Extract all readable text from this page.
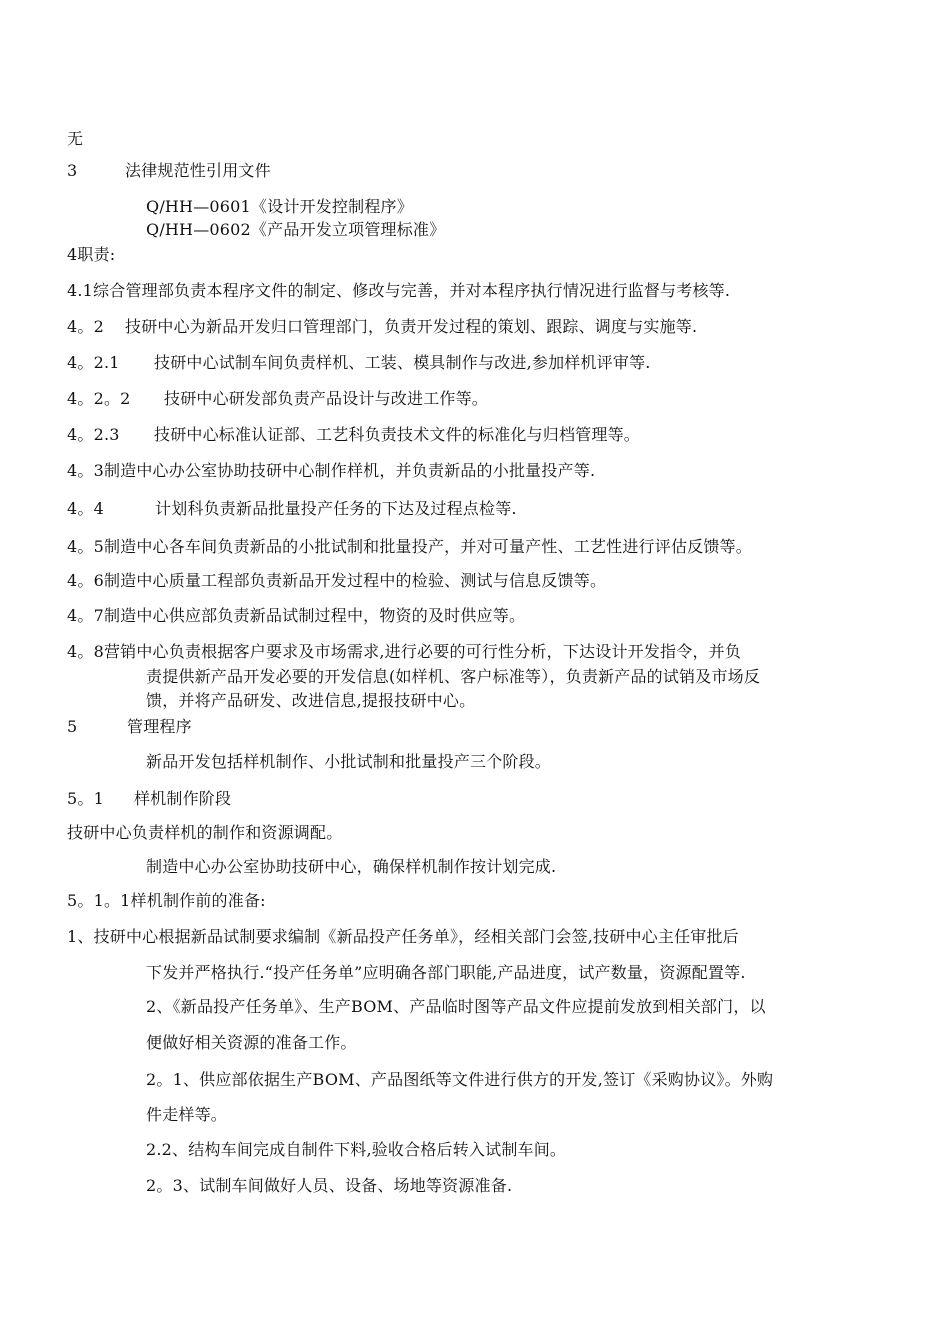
无
3	法律规范性引用文件
Q/HH—0601《设计开发控制程序》
Q/HH—0602《产品开发立项管理标准》
4职责:
4.1综合管理部负责本程序文件的制定、修改与完善，并对本程序执行情况进行监督与考核等.
4。2 技研中心为新品开发归口管理部门，负责开发过程的策划、跟踪、调度与实施等.
4。2.1 技研中心试制车间负责样机、工装、模具制作与改进,参加样机评审等.
4。2。2 技研中心研发部负责产品设计与改进工作等。
4。2.3 技研中心标准认证部、工艺科负责技术文件的标准化与归档管理等。
4。3制造中心办公室协助技研中心制作样机，并负责新品的小批量投产等.
4。4	计划科负责新品批量投产任务的下达及过程点检等.
4。5制造中心各车间负责新品的小批试制和批量投产，并对可量产性、工艺性进行评估反馈等。
4。6制造中心质量工程部负责新品开发过程中的检验、测试与信息反馈等。
4。7制造中心供应部负责新品试制过程中，物资的及时供应等。
4。8营销中心负责根据客户要求及市场需求,进行必要的可行性分析，下达设计开发指令，并负
责提供新产品开发必要的开发信息(如样机、客户标准等），负责新产品的试销及市场反
馈，并将产品研发、改进信息,提报技研中心。
5	管理程序
新品开发包括样机制作、小批试制和批量投产三个阶段。
5。1 样机制作阶段
技研中心负责样机的制作和资源调配。
制造中心办公室协助技研中心，确保样机制作按计划完成.
5。1。1样机制作前的准备:
1、技研中心根据新品试制要求编制《新品投产任务单》，经相关部门会签,技研中心主任审批后
下发并严格执行.“投产任务单”应明确各部门职能,产品进度，试产数量，资源配置等.
2、《新品投产任务单》、生产BOM、产品临时图等产品文件应提前发放到相关部门，以
便做好相关资源的准备工作。
2。1、供应部依据生产BOM、产品图纸等文件进行供方的开发,签订《采购协议》。外购
件走样等。
2.2、结构车间完成自制件下料,验收合格后转入试制车间。
2。3、试制车间做好人员、设备、场地等资源准备.
